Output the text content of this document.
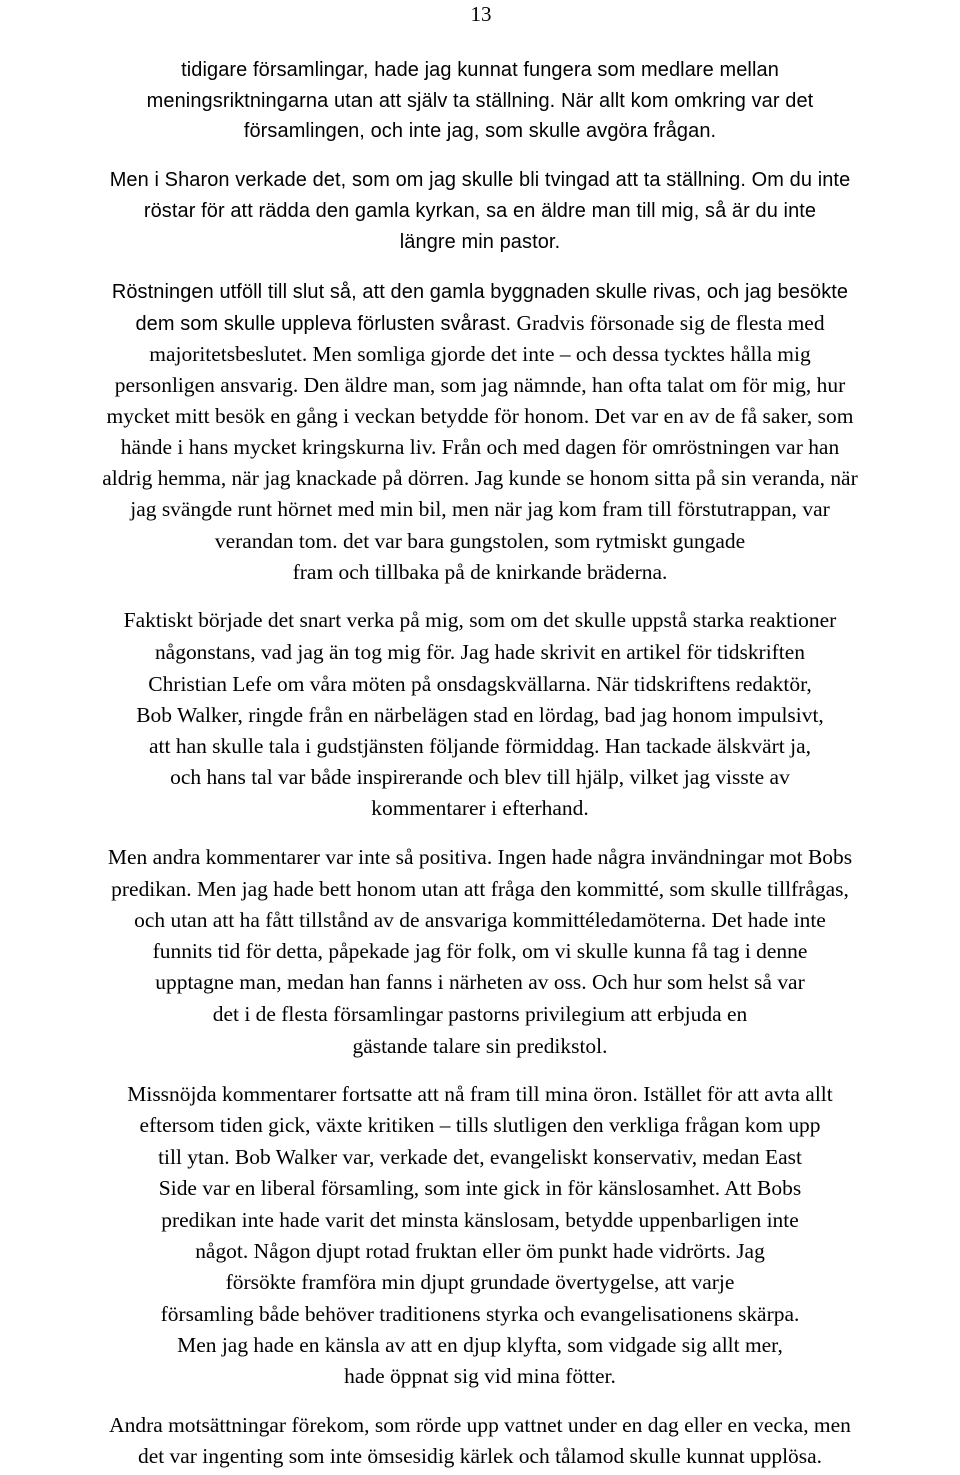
13
tidigare församlingar, hade jag kunnat fungera som medlare mellan
meningsriktningarna utan att själv ta ställning. När allt kom omkring var det
församlingen, och inte jag, som skulle avgöra frågan.
Men i Sharon verkade det, som om jag skulle bli tvingad att ta ställning. Om du inte
röstar för att rädda den gamla kyrkan, sa en äldre man till mig, så är du inte
längre min pastor.
Röstningen utföll till slut så, att den gamla byggnaden skulle rivas, och jag besökte
dem som skulle uppleva förlusten svårast. Gradvis försonade sig de flesta med
majoritetsbeslutet. Men somliga gjorde det inte – och dessa tycktes hålla mig
personligen ansvarig. Den äldre man, som jag nämnde, han ofta talat om för mig, hur
mycket mitt besök en gång i veckan betydde för honom. Det var en av de få saker, som
hände i hans mycket kringskurna liv. Från och med dagen för omröstningen var han
aldrig hemma, när jag knackade på dörren. Jag kunde se honom sitta på sin veranda, när
jag svängde runt hörnet med min bil, men när jag kom fram till förstutrappan, var
verandan tom. det var bara gungstolen, som rytmiskt gungade
fram och tillbaka på de knirkande bräderna.
Faktiskt började det snart verka på mig, som om det skulle uppstå starka reaktioner
någonstans, vad jag än tog mig för. Jag hade skrivit en artikel för tidskriften
Christian Lefe om våra möten på onsdagskvällarna. När tidskriftens redaktör,
Bob Walker, ringde från en närbelägen stad en lördag, bad jag honom impulsivt,
att han skulle tala i gudstjänsten följande förmiddag. Han tackade älskvärt ja,
och hans tal var både inspirerande och blev till hjälp, vilket jag visste av
kommentarer i efterhand.
Men andra kommentarer var inte så positiva. Ingen hade några invändningar mot Bobs
predikan. Men jag hade bett honom utan att fråga den kommitté, som skulle tillfrågas,
och utan att ha fått tillstånd av de ansvariga kommittéledamöterna. Det hade inte
funnits tid för detta, påpekade jag för folk, om vi skulle kunna få tag i denne
upptagne man, medan han fanns i närheten av oss. Och hur som helst så var
det i de flesta församlingar pastorns privilegium att erbjuda en
gästande talare sin predikstol.
Missnöjda kommentarer fortsatte att nå fram till mina öron. Istället för att avta allt
eftersom tiden gick, växte kritiken – tills slutligen den verkliga frågan kom upp
till ytan. Bob Walker var, verkade det, evangeliskt konservativ, medan East
Side var en liberal församling, som inte gick in för känslosamhet. Att Bobs
predikan inte hade varit det minsta känslosam, betydde uppenbarligen inte
något. Någon djupt rotad fruktan eller öm punkt hade vidrörts. Jag
försökte framföra min djupt grundade övertygelse, att varje
församling både behöver traditionens styrka och evangelisationens skärpa.
Men jag hade en känsla av att en djup klyfta, som vidgade sig allt mer,
hade öppnat sig vid mina fötter.
Andra motsättningar förekom, som rörde upp vattnet under en dag eller en vecka, men
det var ingenting som inte ömsesidig kärlek och tålamod skulle kunnat upplösa.
